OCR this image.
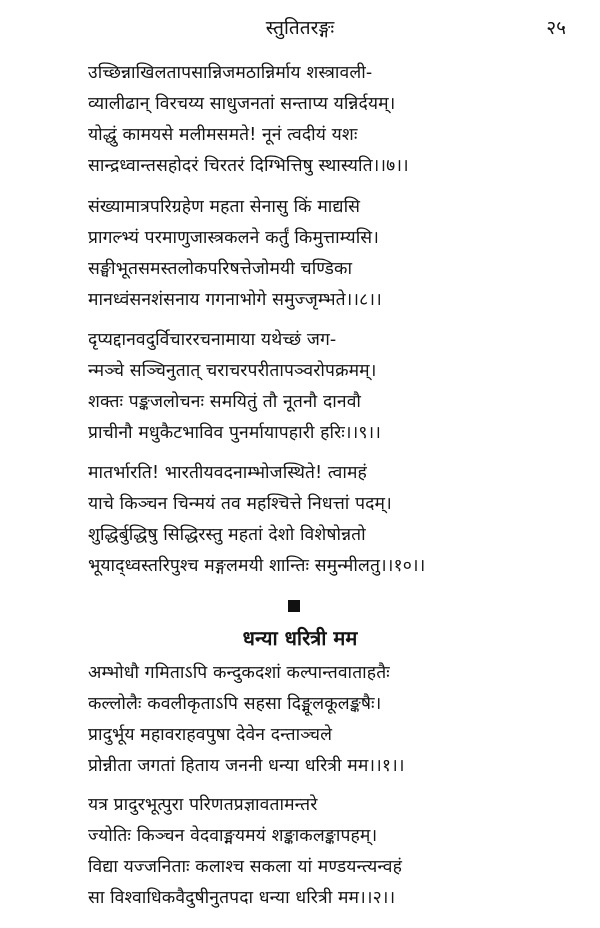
स्तुतितरङ्गः	२५
उच्छिन्नाखिलतापसान्निजमठान्निर्माय शस्त्रावली-
व्यालीढान् विरचय्य साधुजनतां सन्ताप्य यन्निर्दयम्।
योद्धुं कामयसे मलीमसमते! नूनं त्वदीयं यशः
सान्द्रध्वान्तसहोदरं चिरतरं दिग्भित्तिषु स्थास्यति।।७।।
संख्यामात्रपरिग्रहेण महता सेनासु किं माद्यसि
प्रागल्भ्यं परमाणुजास्त्रकलने कर्तुं किमुत्ताम्यसि।
सङ्घीभूतसमस्तलोकपरिषत्तेजोमयी चण्डिका
मानध्वंसनशंसनाय गगनाभोगे समुज्जृम्भते।।८।।
दृप्यद्दानवदुर्विचाररचनामाया यथेच्छं जग-
न्मञ्चे सञ्चिनुतात् चराचरपरीतापञ्वरोपक्रमम्।
शक्तः पङ्कजलोचनः समयितुं तौ नूतनौ दानवौ
प्राचीनौ मधुकैटभाविव पुनर्मायापहारी हरिः।।९।।
मातर्भारति! भारतीयवदनाम्भोजस्थिते! त्वामहं
याचे किञ्चन चिन्मयं तव महश्चित्ते निधत्तां पदम्।
शुद्धिर्बुद्धिषु सिद्धिरस्तु महतां देशो विशेषोन्नतो
भूयाद्ध्वस्तरिपुश्च मङ्गलमयी शान्तिः समुन्मीलतु।।१०।।
धन्या धरित्री मम
अम्भोधौ गमिताऽपि कन्दुकदशां कल्पान्तवाताहतैः
कल्लोलैः कवलीकृताऽपि सहसा दिङ्मूलकूलङ्कषैः।
प्रादुर्भूय महावराहवपुषा देवेन दन्ताञ्चले
प्रोन्नीता जगतां हिताय जननी धन्या धरित्री मम।।१।।
यत्र प्रादुरभूत्पुरा परिणतप्रज्ञावतामन्तरे
ज्योतिः किञ्चन वेदवाङ्मयमयं शङ्काकलङ्कापहम्।
विद्या यज्जनिताः कलाश्च सकला यां मण्डयन्त्यन्वहं
सा विश्वाधिकवैदुषीनुतपदा धन्या धरित्री मम।।२।।
